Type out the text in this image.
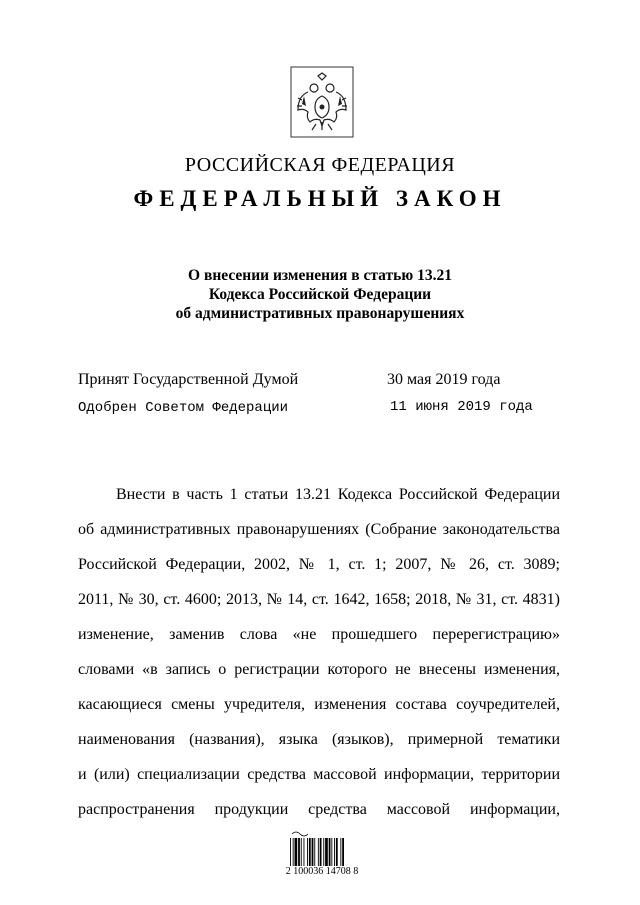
РОССИЙСКАЯ ФЕДЕРАЦИЯ
ФЕДЕРАЛЬНЫЙ ЗАКОН
О внесении изменения в статью 13.21
Кодекса Российской Федерации
об административных правонарушениях
Принят Государственной Думой	30 мая 2019 года
Одобрен Советом Федерации	11 июня 2019 года
Внести в часть 1 статьи 13.21 Кодекса Российской Федерации
об административных правонарушениях (Собрание законодательства
Российской Федерации, 2002, № 1, ст. 1; 2007, № 26, ст. 3089;
2011, № 30, ст. 4600; 2013, № 14, ст. 1642, 1658; 2018, № 31, ст. 4831)
изменение, заменив слова «не прошедшего перерегистрацию»
словами «в запись о регистрации которого не внесены изменения,
касающиеся смены учредителя, изменения состава соучредителей,
наименования (названия), языка (языков), примерной тематики
и (или) специализации средства массовой информации, территории
распространения продукции средства массовой информации,
2 100036 14708 8
